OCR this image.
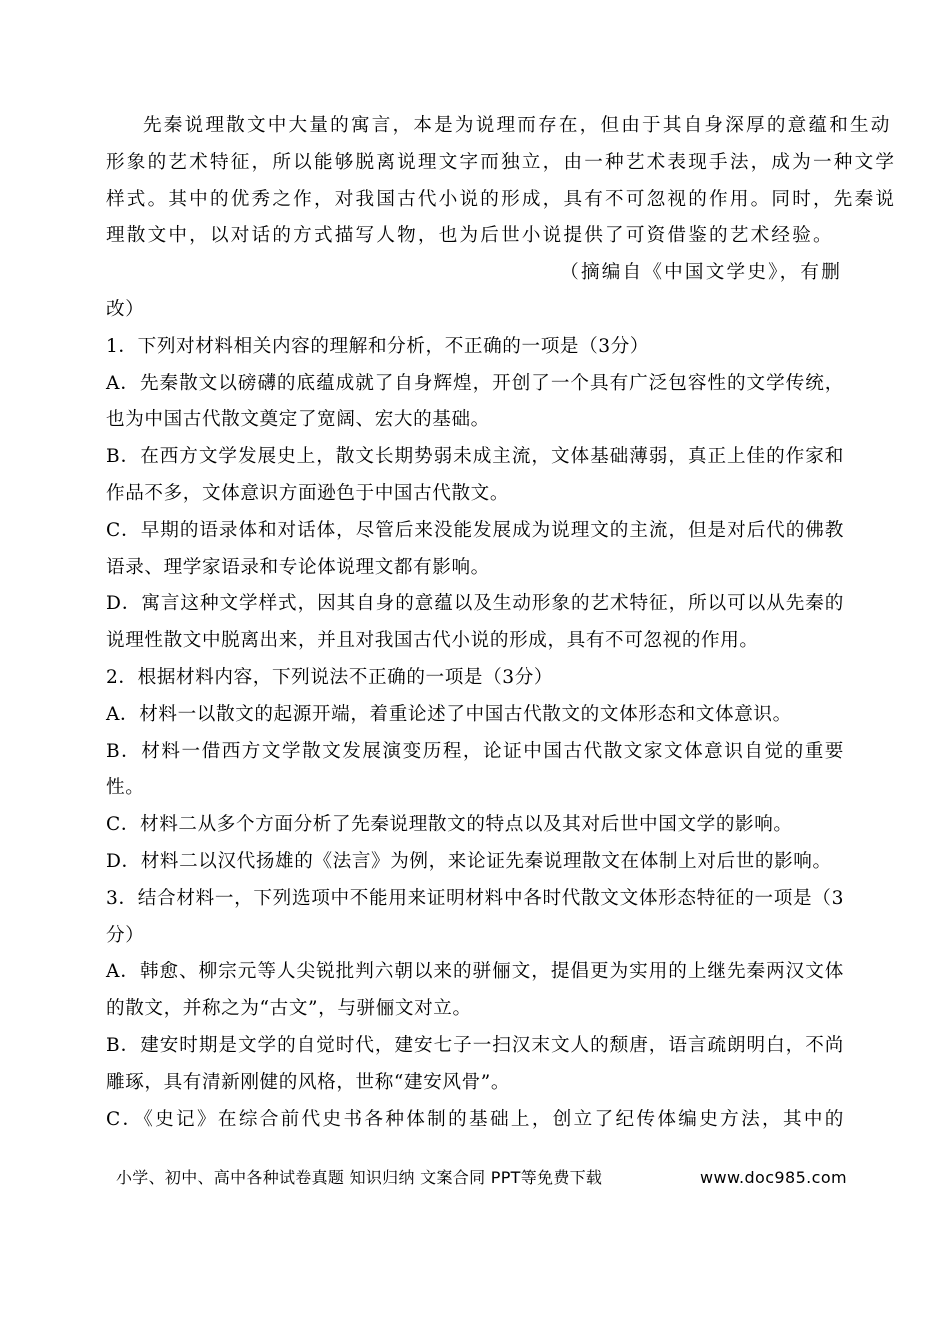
先秦说理散文中大量的寓言，本是为说理而存在，但由于其自身深厚的意蕴和生动
形象的艺术特征，所以能够脱离说理文字而独立，由一种艺术表现手法，成为一种文学
样式。其中的优秀之作，对我国古代小说的形成，具有不可忽视的作用。同时，先秦说
理散文中，以对话的方式描写人物，也为后世小说提供了可资借鉴的艺术经验。
（摘编自《中国文学史》，有删
改）
1．下列对材料相关内容的理解和分析，不正确的一项是（3分）
A．先秦散文以磅礴的底蕴成就了自身辉煌，开创了一个具有广泛包容性的文学传统，
也为中国古代散文奠定了宽阔、宏大的基础。
B．在西方文学发展史上，散文长期势弱未成主流，文体基础薄弱，真正上佳的作家和
作品不多，文体意识方面逊色于中国古代散文。
C．早期的语录体和对话体，尽管后来没能发展成为说理文的主流，但是对后代的佛教
语录、理学家语录和专论体说理文都有影响。
D．寓言这种文学样式，因其自身的意蕴以及生动形象的艺术特征，所以可以从先秦的
说理性散文中脱离出来，并且对我国古代小说的形成，具有不可忽视的作用。
2．根据材料内容，下列说法不正确的一项是（3分）
A．材料一以散文的起源开端，着重论述了中国古代散文的文体形态和文体意识。
B．材料一借西方文学散文发展演变历程，论证中国古代散文家文体意识自觉的重要
性。
C．材料二从多个方面分析了先秦说理散文的特点以及其对后世中国文学的影响。
D．材料二以汉代扬雄的《法言》为例，来论证先秦说理散文在体制上对后世的影响。
3．结合材料一，下列选项中不能用来证明材料中各时代散文文体形态特征的一项是（3
分）
A．韩愈、柳宗元等人尖锐批判六朝以来的骈俪文，提倡更为实用的上继先秦两汉文体
的散文，并称之为“古文”，与骈俪文对立。
B．建安时期是文学的自觉时代，建安七子一扫汉末文人的颓唐，语言疏朗明白，不尚
雕琢，具有清新刚健的风格，世称“建安风骨”。
C．《史记》在综合前代史书各种体制的基础上，创立了纪传体编史方法，其中的
小学、初中、高中各种试卷真题 知识归纳 文案合同 PPT等免费下载	www.doc985.com
